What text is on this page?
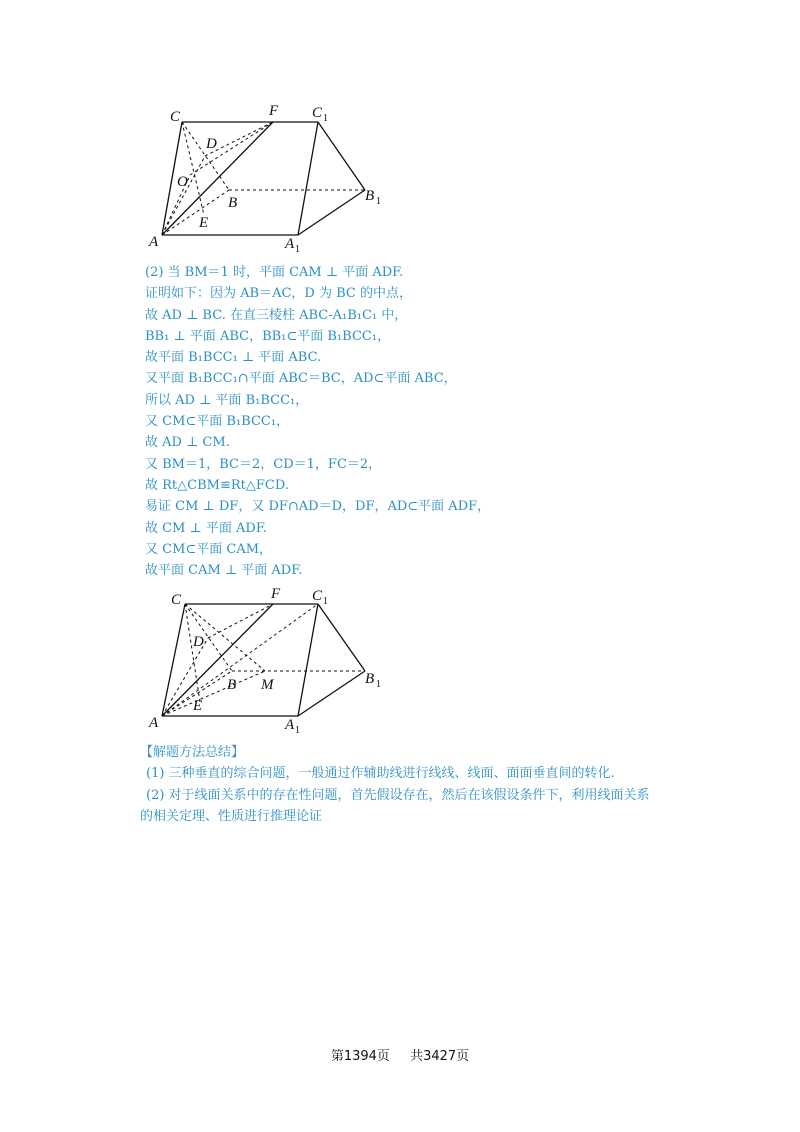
C	F C 1
D
O
B	B 1
E
A	A 1
(2) 当 BM＝1 时，平面 CAM ⊥ 平面 ADF.
证明如下：因为 AB＝AC，D 为 BC 的中点，
故 AD ⊥ BC. 在直三棱柱 ABC-A₁B₁C₁ 中，
BB₁ ⊥ 平面 ABC，BB₁⊂平面 B₁BCC₁，
故平面 B₁BCC₁ ⊥ 平面 ABC.
又平面 B₁BCC₁∩平面 ABC＝BC，AD⊂平面 ABC，
所以 AD ⊥ 平面 B₁BCC₁，
又 CM⊂平面 B₁BCC₁，
故 AD ⊥ CM.
又 BM＝1，BC＝2，CD＝1，FC＝2，
故 Rt△CBM≌Rt△FCD.
易证 CM ⊥ DF，又 DF∩AD＝D，DF，AD⊂平面 ADF，
故 CM ⊥ 平面 ADF.
又 CM⊂平面 CAM，
故平面 CAM ⊥ 平面 ADF.
C	F C 1
D
B M	B 1
E
A	A 1
【解题方法总结】
(1) 三种垂直的综合问题，一般通过作辅助线进行线线、线面、面面垂直间的转化.
(2) 对于线面关系中的存在性问题，首先假设存在，然后在该假设条件下，利用线面关系
的相关定理、性质进行推理论证
第1394页 共3427页
